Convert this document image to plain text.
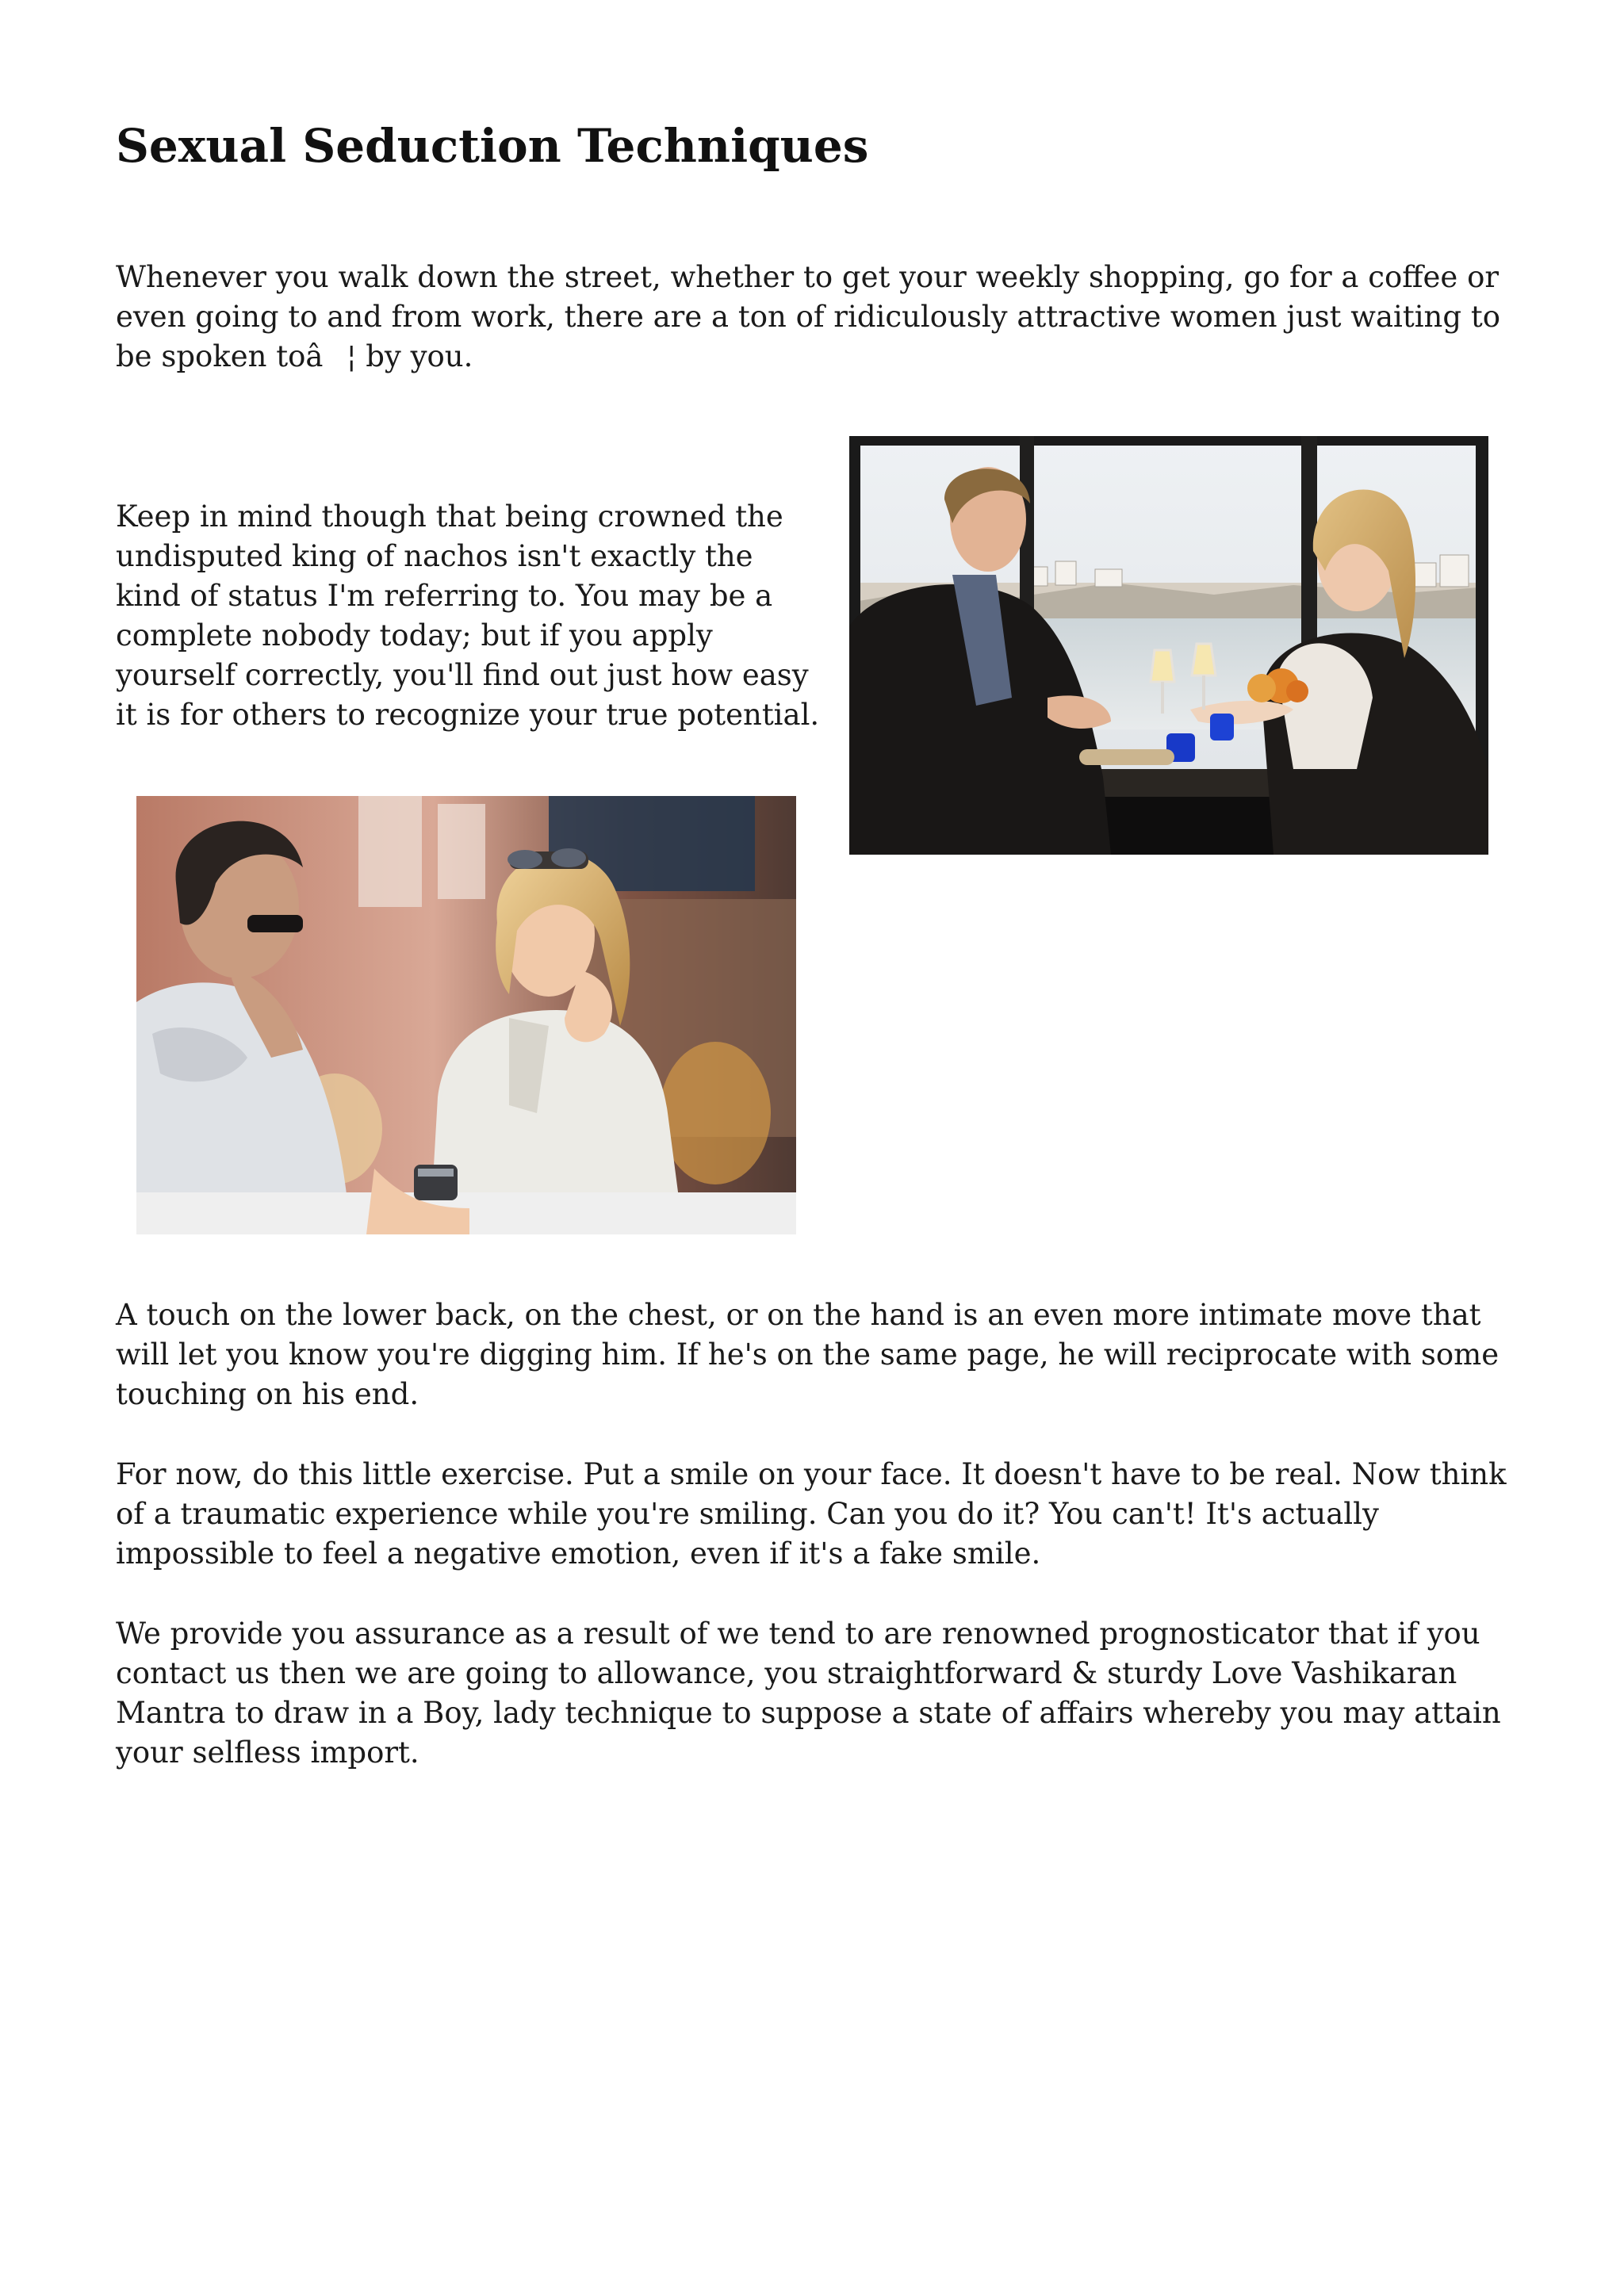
Sexual Seduction Techniques

Whenever you walk down the street, whether to get your weekly shopping, go for a coffee or even going to and from work, there are a ton of ridiculously attractive women just waiting to be spoken toâ¦ by you.

Keep in mind though that being crowned the undisputed king of nachos isn't exactly the kind of status I'm referring to. You may be a complete nobody today; but if you apply yourself correctly, you'll find out just how easy it is for others to recognize your true potential.

A touch on the lower back, on the chest, or on the hand is an even more intimate move that will let you know you're digging him. If he's on the same page, he will reciprocate with some touching on his end.

For now, do this little exercise. Put a smile on your face. It doesn't have to be real. Now think of a traumatic experience while you're smiling. Can you do it? You can't! It's actually impossible to feel a negative emotion, even if it's a fake smile.

We provide you assurance as a result of we tend to are renowned prognosticator that if you contact us then we are going to allowance, you straightforward & sturdy Love Vashikaran Mantra to draw in a Boy, lady technique to suppose a state of affairs whereby you may attain your selfless import.
